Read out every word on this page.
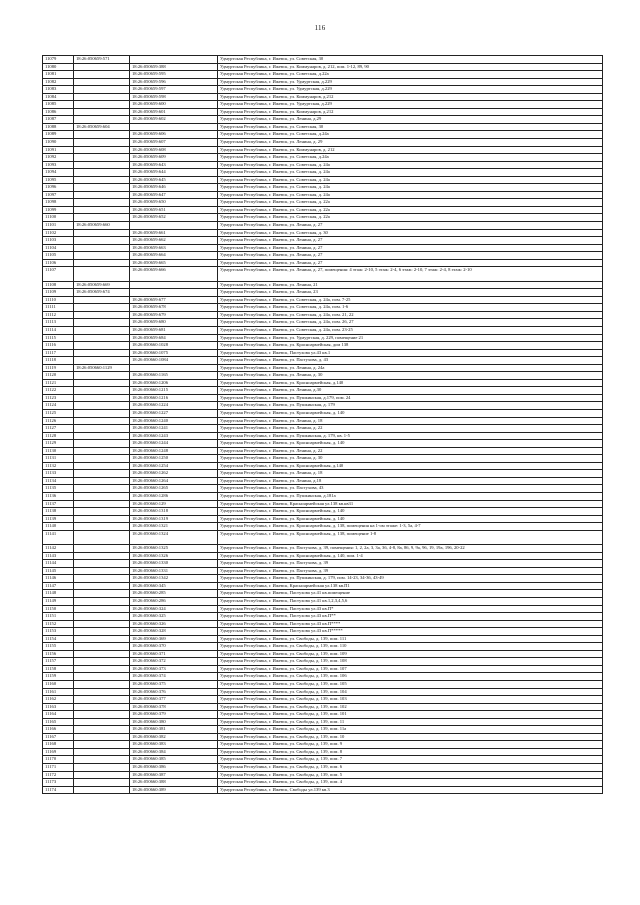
116
11079	18:26:050659:571		Удмуртская Республика, г. Ижевск, ул. Советская, 30
11080		18:26:050659:388	Удмуртская Республика, г. Ижевск, ул. Коммунаров, д. 212, пом. 1-12, 89, 90
11081		18:26:050659:595	Удмуртская Республика, г. Ижевск, ул. Советская, д.22а
11082		18:26:050659:596	Удмуртская Республика, г. Ижевск, ул. Удмуртская, д.229
11083		18:26:050659:597	Удмуртская Республика, г. Ижевск, ул. Удмуртская, д.229
11084		18:26:050659:598	Удмуртская Республика, г. Ижевск, ул. Коммунаров, д.212
11085		18:26:050659:600	Удмуртская Республика, г. Ижевск, ул. Удмуртская, д.229
11086		18:26:050659:601	Удмуртская Республика, г. Ижевск, ул. Коммунаров, д.212
11087		18:26:050659:602	Удмуртская Республика, г. Ижевск, ул. Ленина, д.29
11088	18:26:050659:604		Удмуртская Республика, г. Ижевск, ул. Советская, 30
11089		18:26:050659:606	Удмуртская Республика, г. Ижевск, ул. Советская, д.24а
11090		18:26:050659:607	Удмуртская Республика, г. Ижевск, ул. Ленина, д. 29
11091		18:26:050659:608	Удмуртская Республика, г. Ижевск, ул. Коммунаров, д. 212
11092		18:26:050659:609	Удмуртская Республика, г. Ижевск, ул. Советская, д.24а
11093		18:26:050659:643	Удмуртская Республика, г. Ижевск, ул. Советская, д. 24а
11094		18:26:050659:644	Удмуртская Республика, г. Ижевск, ул. Советская, д. 24а
11095		18:26:050659:645	Удмуртская Республика, г. Ижевск, ул. Советская, д. 24а
11096		18:26:050659:646	Удмуртская Республика, г. Ижевск, ул. Советская, д. 24а
11097		18:26:050659:647	Удмуртская Республика, г. Ижевск, ул. Советская, д. 24а
11098		18:26:050659:650	Удмуртская Республика, г. Ижевск, ул. Советская, д. 22а
11099		18:26:050659:651	Удмуртская Республика, г. Ижевск, ул. Советская, д. 22а
11100		18:26:050659:652	Удмуртская Республика, г. Ижевск, ул. Советская, д. 22а
11101	18:26:050659:660		Удмуртская Республика, г. Ижевск, ул. Ленина, д. 27
11102		18:26:050659:661	Удмуртская Республика, г. Ижевск, ул. Советская, д. 30
11103		18:26:050659:662	Удмуртская Республика, г. Ижевск, ул. Ленина, д. 27
11104		18:26:050659:663	Удмуртская Республика, г. Ижевск, ул. Ленина, д. 27
11105		18:26:050659:664	Удмуртская Республика, г. Ижевск, ул. Ленина, д. 27
11106		18:26:050659:665	Удмуртская Республика, г. Ижевск, ул. Ленина, д. 27
11107		18:26:050659:666	Удмуртская Республика, г. Ижевск, ул. Ленина, д. 27, помещения: 4 этаж: 2-10, 5 этаж: 2-4, 6 этаж: 2-10, 7 этаж: 2-4, 8 этаж: 2-10
11108	18:26:050659:669		Удмуртская Республика, г. Ижевск, ул. Ленина, 21
11109	18:26:050659:674		Удмуртская Республика, г. Ижевск, ул. Ленина, 23
11110		18:26:050659:677	Удмуртская Республика, г. Ижевск, ул. Советская, д. 24а, пом. 7-25
11111		18:26:050659:678	Удмуртская Республика, г. Ижевск, ул. Советская, д. 24а, пом. 1-6
11112		18:26:050659:679	Удмуртская Республика, г. Ижевск, ул. Советская, д. 24а, пом. 21, 22
11113		18:26:050659:680	Удмуртская Республика, г. Ижевск, ул. Советская, д. 24а, пом. 26, 27
11114		18:26:050659:681	Удмуртская Республика, г. Ижевск, ул. Советская, д. 24а, пом. 23-25
11115		18:26:050659:684	Удмуртская Республика, г. Ижевск, ул. Удмуртская, д. 229, помещение 21
11116		18:26:050660:1028	Удмуртская Республика, г. Ижевск, ул. Красноармейская, дом 138
11117		18:26:050660:1075	Удмуртская Республика, г. Ижевск, Пастухова ул.43 кв.1
11118		18:26:050660:1084	Удмуртская Республика, г. Ижевск, ул. Пастухова, д. 43
11119	18:26:050660:1129		Удмуртская Республика, г. Ижевск, ул. Ленина, д. 24а
11120		18:26:050660:1165	Удмуртская Республика, г. Ижевск, ул. Ленина, д. 30
11121		18:26:050660:1206	Удмуртская Республика, г. Ижевск, ул. Красноармейская, д.140
11122		18:26:050660:1215	Удмуртская Республика, г. Ижевск, ул. Ленина, д.30
11123		18:26:050660:1216	Удмуртская Республика, г. Ижевск, ул. Пушкинская, д.179, пом. 24
11124		18:26:050660:1224	Удмуртская Республика, г. Ижевск, ул. Пушкинская, д. 179
11125		18:26:050660:1227	Удмуртская Республика, г. Ижевск, ул. Красноармейская, д. 140
11126		18:26:050660:1240	Удмуртская Республика, г. Ижевск, ул. Ленина, д. 18
11127		18:26:050660:1241	Удмуртская Республика, г. Ижевск, ул. Ленина, д. 22
11128		18:26:050660:1243	Удмуртская Республика, г. Ижевск, ул. Пушкинская, д. 179, кв. 1-5
11129		18:26:050660:1244	Удмуртская Республика, г. Ижевск, ул. Красноармейская, д. 140
11130		18:26:050660:1248	Удмуртская Республика, г. Ижевск, ул. Ленина, д. 22
11131		18:26:050660:1250	Удмуртская Республика, г. Ижевск, ул. Ленина, д. 30
11132		18:26:050660:1254	Удмуртская Республика, г. Ижевск, ул. Красноармейская, д.140
11133		18:26:050660:1262	Удмуртская Республика, г. Ижевск, ул. Ленина, д. 18
11134		18:26:050660:1264	Удмуртская Республика, г. Ижевск, ул. Ленина, д.18
11135		18:26:050660:1265	Удмуртская Республика, г. Ижевск, ул. Пастухова, 43
11136		18:26:050660:1286	Удмуртская Республика, г. Ижевск, ул. Пушкинская, д.181а
11137		18:26:050660:129	Удмуртская Республика, г. Ижевск, Красноармейская ул.138 кв.кв31
11138		18:26:050660:1318	Удмуртская Республика, г. Ижевск, ул. Красноармейская, д. 140
11139		18:26:050660:1319	Удмуртская Республика, г. Ижевск, ул. Красноармейская, д. 140
11140		18:26:050660:1321	Удмуртская Республика, г. Ижевск, ул. Красноармейская, д. 138, помещения на 1-ом этаже: 1-3, 5а, 4-7
11141		18:26:050660:1324	Удмуртская Республика, г. Ижевск, ул. Красноармейская, д. 138, помещение 1-8
11142		18:26:050660:1325	Удмуртская Республика, г. Ижевск, ул. Пастухова, д. 39, помещения: 1, 2, 2а, 3, 3а, 36, 4-8, 8а, 86, 9, 9а, 96, 19, 19а, 196, 20-22
11143		18:26:050660:1326	Удмуртская Республика, г. Ижевск, ул. Красноармейская, д. 140, пом. 1-4
11144		18:26:050660:1330	Удмуртская Республика, г. Ижевск, ул. Пастухова, д. 39
11145		18:26:050660:1331	Удмуртская Республика, г. Ижевск, ул. Пастухова, д. 39
11146		18:26:050660:1342	Удмуртская Республика, г. Ижевск, ул. Пушкинская, д. 179, пом. 14-23, 34-36, 43-49
11147		18:26:050660:345	Удмуртская Республика, г. Ижевск, Красноармейская ул.138 кв.П1
11148		18:26:050660:285	Удмуртская Республика, г. Ижевск, Пастухова ул.41 кв.помещение
11149		18:26:050660:286	Удмуртская Республика, г. Ижевск, Пастухова ул.41 кв.1,2,3,4,5,6
11150		18:26:050660:324	Удмуртская Республика, г. Ижевск, Пастухова ул.43 кв.П*
11151		18:26:050660:325	Удмуртская Республика, г. Ижевск, Пастухова ул.43 кв.П**
11152		18:26:050660:326	Удмуртская Республика, г. Ижевск, Пастухова ул.43 кв.П****
11153		18:26:050660:328	Удмуртская Республика, г. Ижевск, Пастухова ул.43 кв.П*****
11154		18:26:050660:369	Удмуртская Республика, г. Ижевск, ул. Свободы, д. 139, пом. 111
11155		18:26:050660:370	Удмуртская Республика, г. Ижевск, ул. Свободы, д. 139, пом. 110
11156		18:26:050660:371	Удмуртская Республика, г. Ижевск, ул. Свободы, д. 139, пом. 109
11157		18:26:050660:372	Удмуртская Республика, г. Ижевск, ул. Свободы, д. 139, пом. 108
11158		18:26:050660:373	Удмуртская Республика, г. Ижевск, ул. Свободы, д. 139, пом. 107
11159		18:26:050660:374	Удмуртская Республика, г. Ижевск, ул. Свободы, д. 139, пом. 106
11160		18:26:050660:375	Удмуртская Республика, г. Ижевск, ул. Свободы, д. 139, пом. 105
11161		18:26:050660:376	Удмуртская Республика, г. Ижевск, ул. Свободы, д. 139, пом. 104
11162		18:26:050660:377	Удмуртская Республика, г. Ижевск, ул. Свободы, д. 139, пом. 103
11163		18:26:050660:378	Удмуртская Республика, г. Ижевск, ул. Свободы, д. 139, пом. 102
11164		18:26:050660:379	Удмуртская Республика, г. Ижевск, ул. Свободы, д. 139, пом. 101
11165		18:26:050660:380	Удмуртская Республика, г. Ижевск, ул. Свободы, д. 139, пом. 11
11166		18:26:050660:381	Удмуртская Республика, г. Ижевск, ул. Свободы, д. 139, пом. 11а
11167		18:26:050660:382	Удмуртская Республика, г. Ижевск, ул. Свободы, д. 139, пом. 10
11168		18:26:050660:383	Удмуртская Республика, г. Ижевск, ул. Свободы, д. 139, пом. 9
11169		18:26:050660:384	Удмуртская Республика, г. Ижевск, ул. Свободы, д. 139, пом. 8
11170		18:26:050660:385	Удмуртская Республика, г. Ижевск, ул. Свободы, д. 139, пом. 7
11171		18:26:050660:386	Удмуртская Республика, г. Ижевск, ул. Свободы, д. 139, пом. 6
11172		18:26:050660:387	Удмуртская Республика, г. Ижевск, ул. Свободы, д. 139, пом. 5
11173		18:26:050660:388	Удмуртская Республика, г. Ижевск, ул. Свободы, д. 139, пом. 4
11174		18:26:050660:389	Удмуртская Республика, г. Ижевск, Свободы ул.139 кв.3
